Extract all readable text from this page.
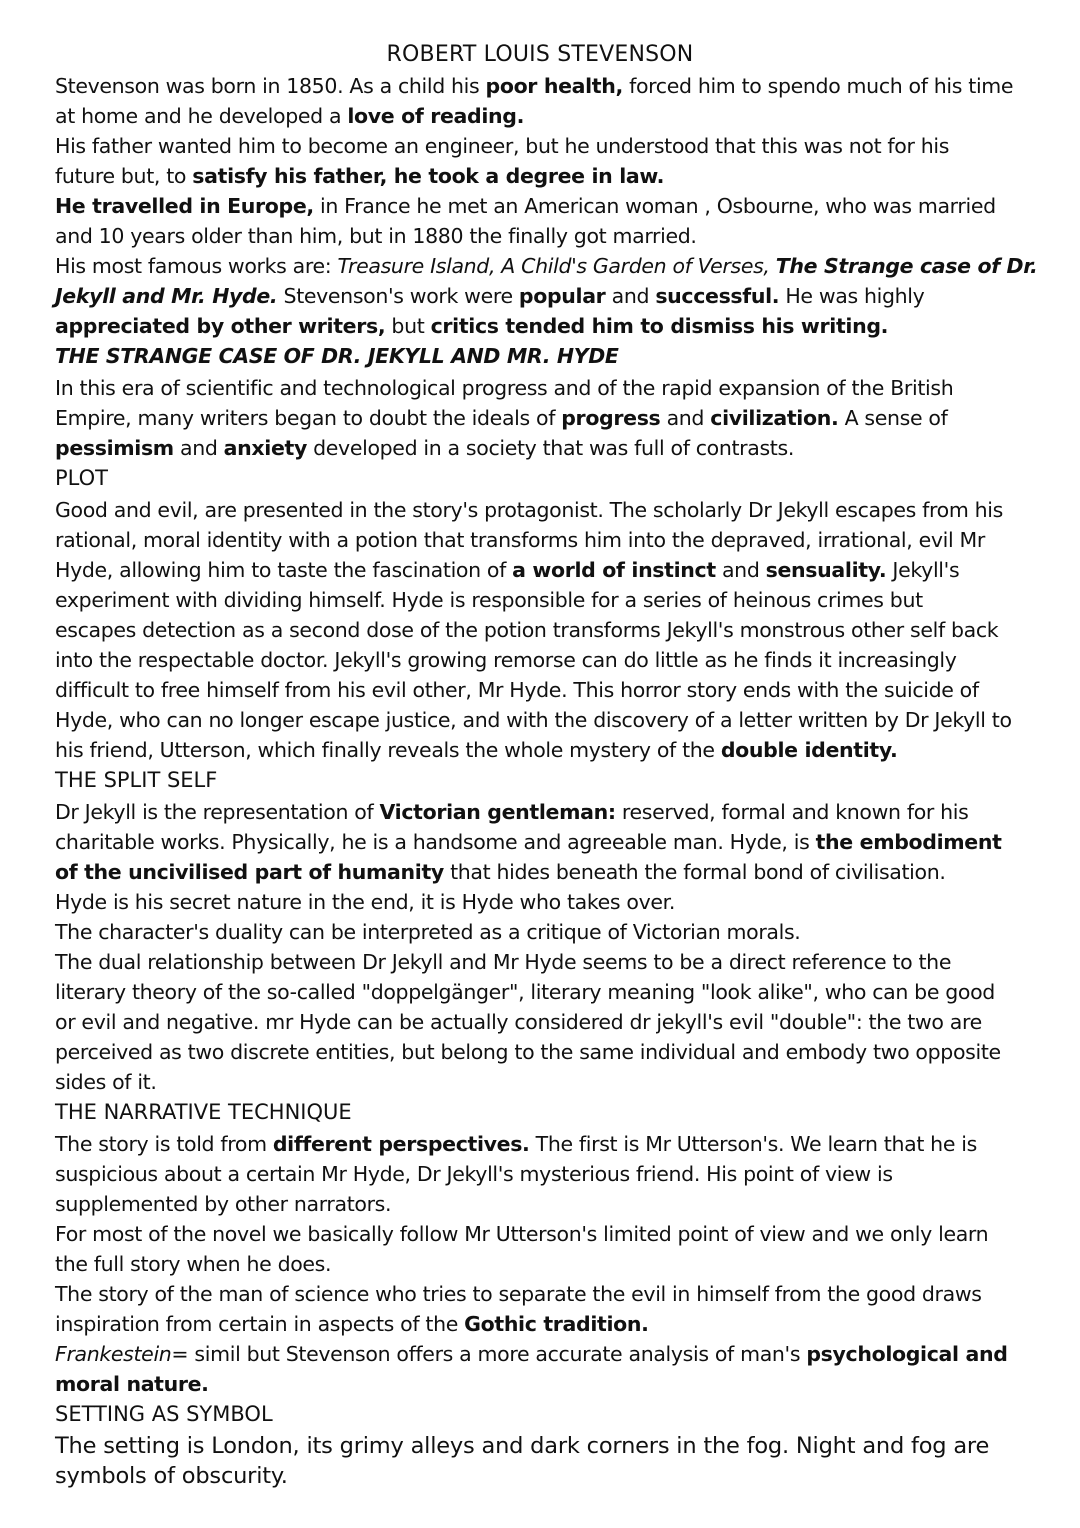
ROBERT LOUIS STEVENSON
Stevenson was born in 1850. As a child his poor health, forced him to spendo much of his time
at home and he developed a love of reading.
His father wanted him to become an engineer, but he understood that this was not for his
future but, to satisfy his father, he took a degree in law.
He travelled in Europe, in France he met an American woman , Osbourne, who was married
and 10 years older than him, but in 1880 the finally got married.
His most famous works are: Treasure Island, A Child's Garden of Verses, The Strange case of Dr.
Jekyll and Mr. Hyde. Stevenson's work were popular and successful. He was highly
appreciated by other writers, but critics tended him to dismiss his writing.
THE STRANGE CASE OF DR. JEKYLL AND MR. HYDE
In this era of scientific and technological progress and of the rapid expansion of the British
Empire, many writers began to doubt the ideals of progress and civilization. A sense of
pessimism and anxiety developed in a society that was full of contrasts.
PLOT
Good and evil, are presented in the story's protagonist. The scholarly Dr Jekyll escapes from his
rational, moral identity with a potion that transforms him into the depraved, irrational, evil Mr
Hyde, allowing him to taste the fascination of a world of instinct and sensuality. Jekyll's
experiment with dividing himself. Hyde is responsible for a series of heinous crimes but
escapes detection as a second dose of the potion transforms Jekyll's monstrous other self back
into the respectable doctor. Jekyll's growing remorse can do little as he finds it increasingly
difficult to free himself from his evil other, Mr Hyde. This horror story ends with the suicide of
Hyde, who can no longer escape justice, and with the discovery of a letter written by Dr Jekyll to
his friend, Utterson, which finally reveals the whole mystery of the double identity.
THE SPLIT SELF
Dr Jekyll is the representation of Victorian gentleman: reserved, formal and known for his
charitable works. Physically, he is a handsome and agreeable man. Hyde, is the embodiment
of the uncivilised part of humanity that hides beneath the formal bond of civilisation.
Hyde is his secret nature in the end, it is Hyde who takes over.
The character's duality can be interpreted as a critique of Victorian morals.
The dual relationship between Dr Jekyll and Mr Hyde seems to be a direct reference to the
literary theory of the so-called "doppelgänger", literary meaning "look alike", who can be good
or evil and negative. mr Hyde can be actually considered dr jekyll's evil "double": the two are
perceived as two discrete entities, but belong to the same individual and embody two opposite
sides of it.
THE NARRATIVE TECHNIQUE
The story is told from different perspectives. The first is Mr Utterson's. We learn that he is
suspicious about a certain Mr Hyde, Dr Jekyll's mysterious friend. His point of view is
supplemented by other narrators.
For most of the novel we basically follow Mr Utterson's limited point of view and we only learn
the full story when he does.
The story of the man of science who tries to separate the evil in himself from the good draws
inspiration from certain in aspects of the Gothic tradition.
Frankestein= simil but Stevenson offers a more accurate analysis of man's psychological and
moral nature.
SETTING AS SYMBOL
The setting is London, its grimy alleys and dark corners in the fog. Night and fog are
symbols of obscurity.
